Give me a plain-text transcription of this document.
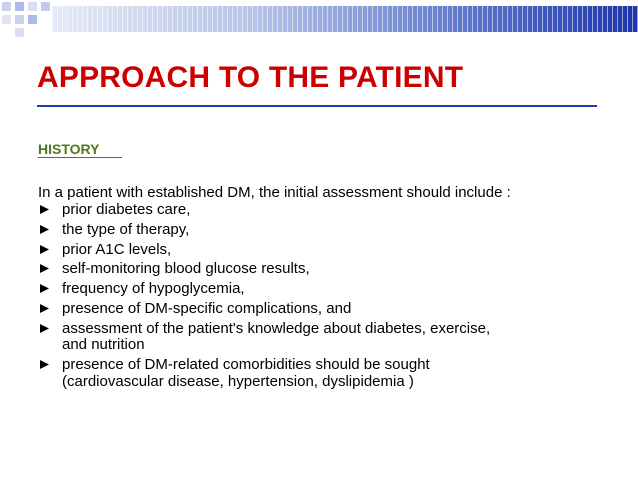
APPROACH TO THE PATIENT
HISTORY
In a patient with established DM, the initial assessment should include :
prior diabetes care,
the type of therapy,
prior A1C levels,
self-monitoring blood glucose results,
frequency of hypoglycemia,
presence of DM-specific complications, and
assessment of the patient's knowledge about diabetes, exercise,
and nutrition
presence of DM-related comorbidities should be sought
(cardiovascular disease, hypertension, dyslipidemia )
